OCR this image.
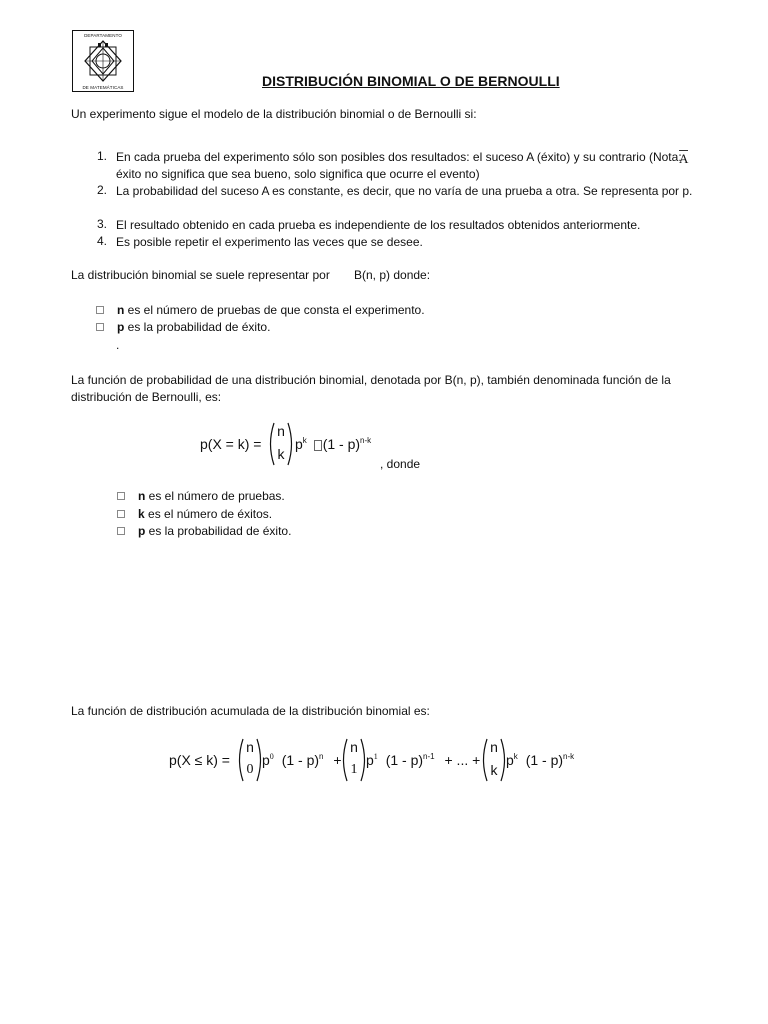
DEPARTAMENTO
DE MATEMÁTICAS	DISTRIBUCIÓN BINOMIAL O DE BERNOULLI
Un experimento sigue el modelo de la distribución binomial o de Bernoulli si:
1. En cada prueba del experimento sólo son posibles dos resultados: el suceso A (éxito) y su contrario (Nota: éxito no significa que sea bueno, solo significa que ocurre el evento)
A
2. La probabilidad del suceso A es constante, es decir, que no varía de una prueba a otra. Se representa por p.
3. El resultado obtenido en cada prueba es independiente de los resultados obtenidos anteriormente.
4. Es posible repetir el experimento las veces que se desee.
La distribución binomial se suele representar por B(n, p) donde:
n es el número de pruebas de que consta el experimento.
p es la probabilidad de éxito.
.
La función de probabilidad de una distribución binomial, denotada por B(n, p), también denominada función de la distribución de Bernoulli, es:
p(X = k) =
n
k
$p^k$ (1 - p)$^{n-k}$
, donde
n es el número de pruebas.
k es el número de éxitos.
p es la probabilidad de éxito.
La función de distribución acumulada de la distribución binomial es:
p(X ≤ k) =
n
0
$p^0$ (1 - p)$^n$ +
n
1
$p^1$ (1 - p)$^{n-1}$ + ... +
n
k
$p^k$ (1 - p)$^{n-k}$
